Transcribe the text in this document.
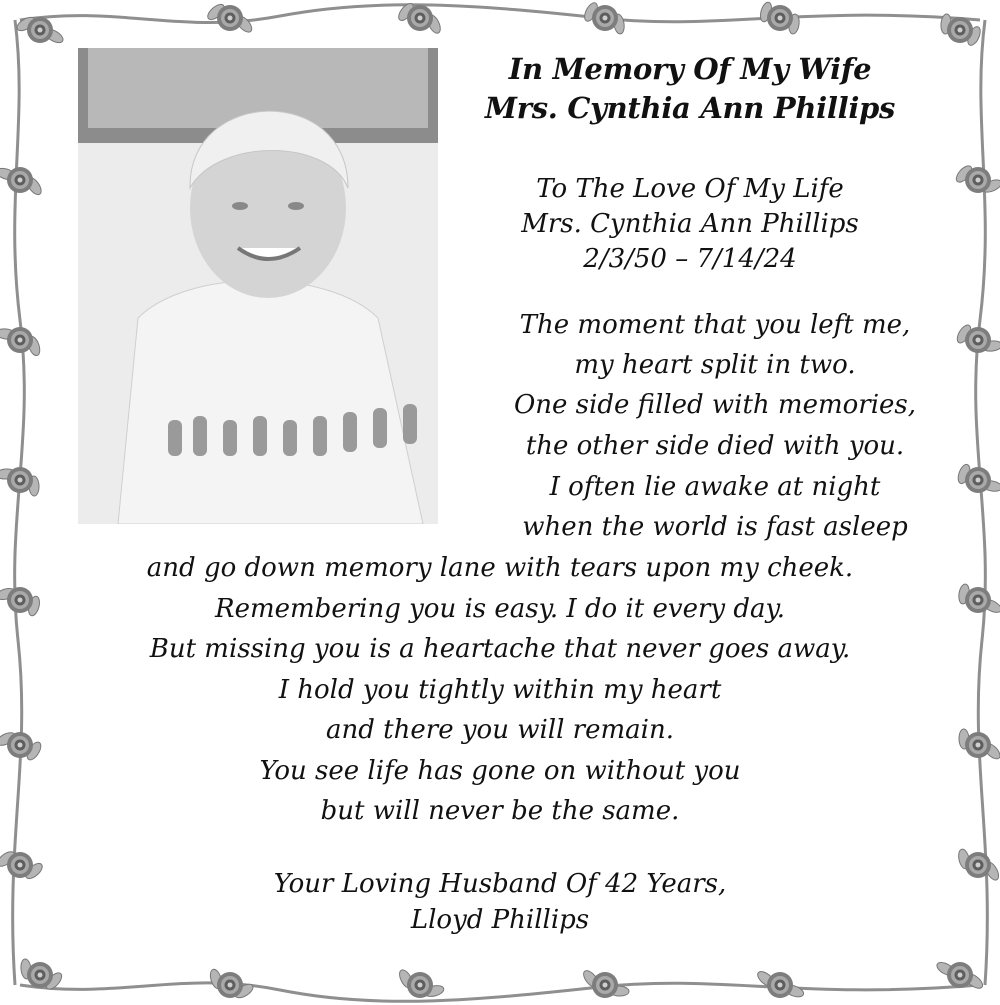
In Memory Of My Wife
Mrs. Cynthia Ann Phillips
To The Love Of My Life
Mrs. Cynthia Ann Phillips
2/3/50 – 7/14/24
The moment that you left me,
my heart split in two.
One side filled with memories,
the other side died with you.
I often lie awake at night
when the world is fast asleep
and go down memory lane with tears upon my cheek.
Remembering you is easy. I do it every day.
But missing you is a heartache that never goes away.
I hold you tightly within my heart
and there you will remain.
You see life has gone on without you
but will never be the same.
Your Loving Husband Of 42 Years,
Lloyd Phillips
